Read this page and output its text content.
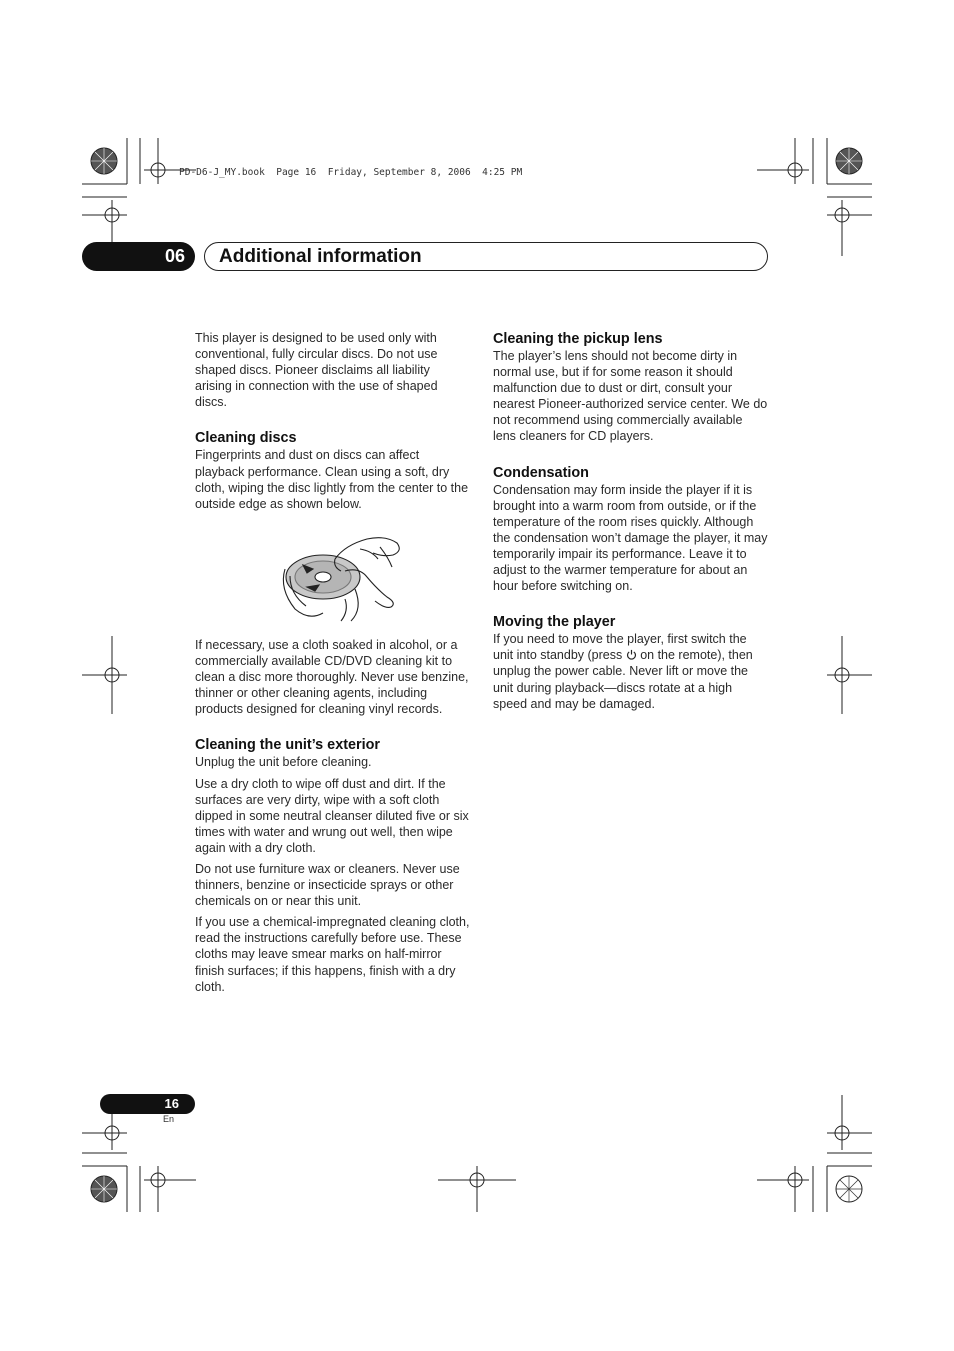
PD-D6-J_MY.book  Page 16  Friday, September 8, 2006  4:25 PM
06	Additional information

This player is designed to be used only with conventional, fully circular discs. Do not use shaped discs. Pioneer disclaims all liability arising in connection with the use of shaped discs.

Cleaning discs

Fingerprints and dust on discs can affect playback performance. Clean using a soft, dry cloth, wiping the disc lightly from the center to the outside edge as shown below.

If necessary, use a cloth soaked in alcohol, or a commercially available CD/DVD cleaning kit to clean a disc more thoroughly. Never use benzine, thinner or other cleaning agents, including products designed for cleaning vinyl records.

Cleaning the unit’s exterior

Unplug the unit before cleaning.

Use a dry cloth to wipe off dust and dirt. If the surfaces are very dirty, wipe with a soft cloth dipped in some neutral cleanser diluted five or six times with water and wrung out well, then wipe again with a dry cloth.

Do not use furniture wax or cleaners. Never use thinners, benzine or insecticide sprays or other chemicals on or near this unit.

If you use a chemical-impregnated cleaning cloth, read the instructions carefully before use. These cloths may leave smear marks on half-mirror finish surfaces; if this happens, finish with a dry cloth.

Cleaning the pickup lens

The player’s lens should not become dirty in normal use, but if for some reason it should malfunction due to dust or dirt, consult your nearest Pioneer-authorized service center. We do not recommend using commercially available lens cleaners for CD players.

Condensation

Condensation may form inside the player if it is brought into a warm room from outside, or if the temperature of the room rises quickly. Although the condensation won’t damage the player, it may temporarily impair its performance. Leave it to adjust to the warmer temperature for about an hour before switching on.

Moving the player

If you need to move the player, first switch the unit into standby (press  on the remote), then unplug the power cable. Never lift or move the unit during playback—discs rotate at a high speed and may be damaged.

16
En
